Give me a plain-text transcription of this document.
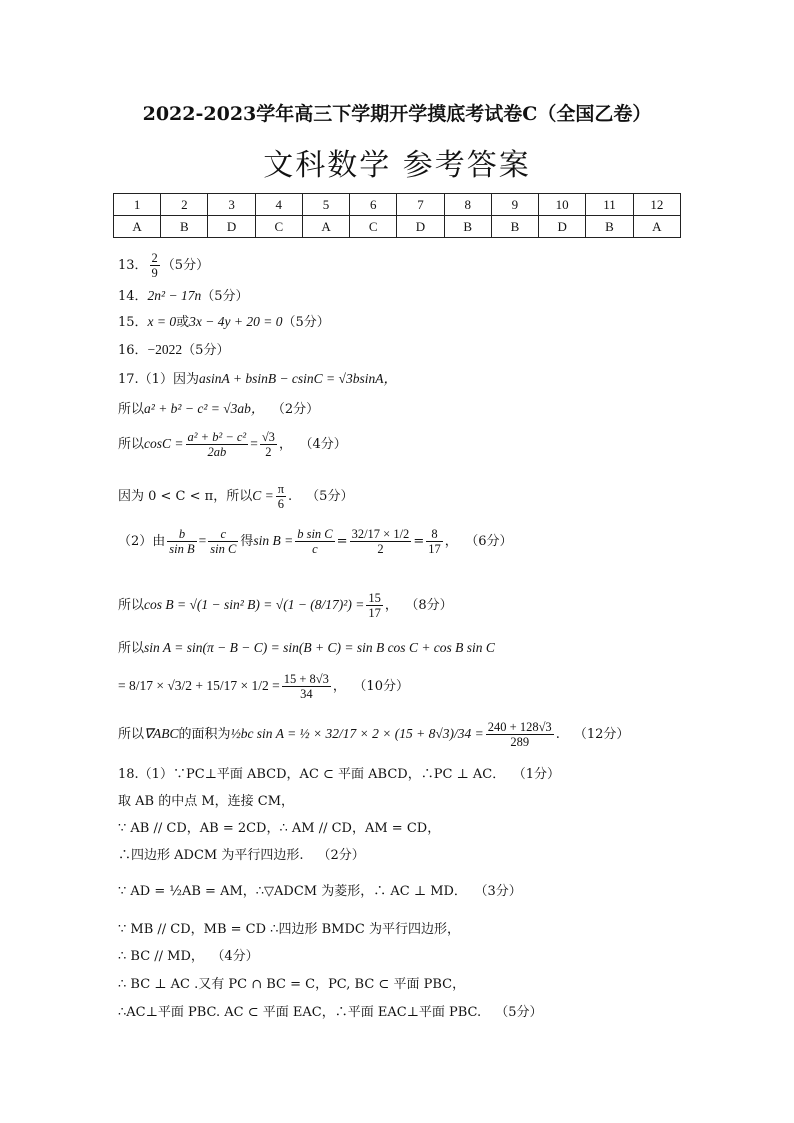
2022-2023学年高三下学期开学摸底考试卷C（全国乙卷）
文科数学 参考答案
1	2	3	4	5	6	7	8	9	10	11	12
A	B	D	C	A	C	D	B	B	D	B	A
13． $\frac{2}{9} (5$分）
14．2n² − 17n（5分）
15．x = 0或3x − 4y + 20 = 0（5分）
16．−2022（5分）
17.（1）因为asinA + bsinB − csinC = √3bsinA，
所以a² + b² − c² = √3ab， （2分）
所以$\cos C = \frac{\text{a² + b² − c²}}{2ab} = \frac{√3}{2}$ ， （4分）
因为 0 < C < π，所以$C = \frac{\pi}{6}$ . （5分）
（2）由 $\frac{b}{\text{sin B}} = \frac{c}{\text{sin C}}$ 得$\sin B = \frac{\text{b sin C}}{c} = \frac{32/17 \times 1/2}{2} = \frac{8}{17}$ ， （6分）
所以cos B = √(1 − sin² $B) = √(1 - (8/17)^2) = \frac{15}{17}$ ， （8分）
所以sin A = sin(π − B − C) = sin(B + C) = sin B cos C + cos B sin C
= $8/17 \times √3/2 + 15/17 \times 1/2 = \frac{15 + 8√3}{34}$ ， （10分）
所以∇ABC的面积为½bc sin A = ½ × $32/17 \times 2 \times (15 + 8√3)/34 = \frac{240 + 128√3}{289}$ . （12分）
18.（1）∵PC⊥平面 ABCD，AC ⊂ 平面 ABCD，∴PC ⊥ AC． （1分）
取 AB 的中点 M，连接 CM，
∵ AB // CD，AB = 2CD，∴ AM // CD，AM = CD，
∴四边形 ADCM 为平行四边形. （2分）
∵ AD = ½AB = AM，∴▽ADCM 为菱形，∴ AC ⊥ MD． （3分）
∵ MB // CD，MB = CD ∴四边形 BMDC 为平行四边形，
∴ BC // MD， （4分）
∴ BC ⊥ AC .又有 PC ∩ BC = C，PC, BC ⊂ 平面 PBC，
∴AC⊥平面 PBC. AC ⊂ 平面 EAC，∴平面 EAC⊥平面 PBC. （5分）
